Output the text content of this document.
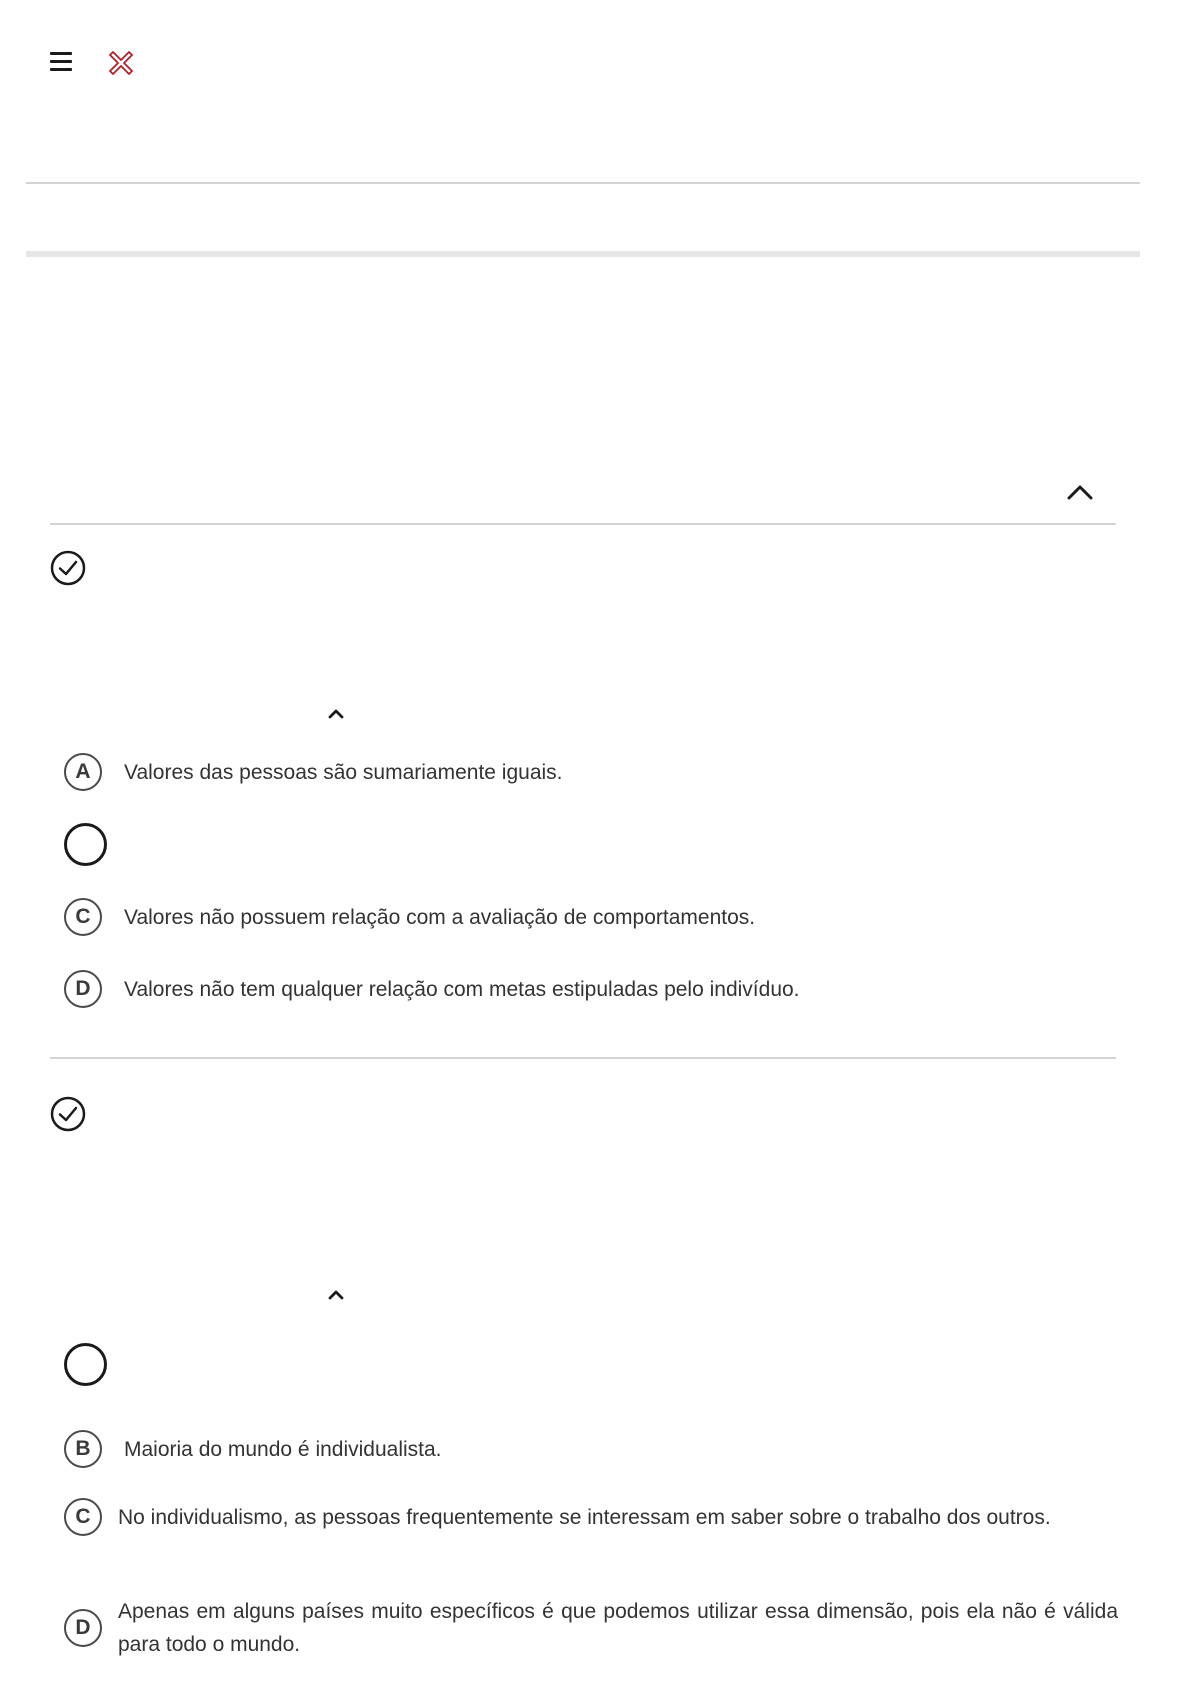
A	Valores das pessoas são sumariamente iguais.
C	Valores não possuem relação com a avaliação de comportamentos.
D	Valores não tem qualquer relação com metas estipuladas pelo indivíduo.
B	Maioria do mundo é individualista.
C	No individualismo, as pessoas frequentemente se interessam em saber sobre o trabalho dos outros.
D
Apenas em alguns países muito específicos é que podemos utilizar essa dimensão, pois ela não é válida para todo o mundo.
